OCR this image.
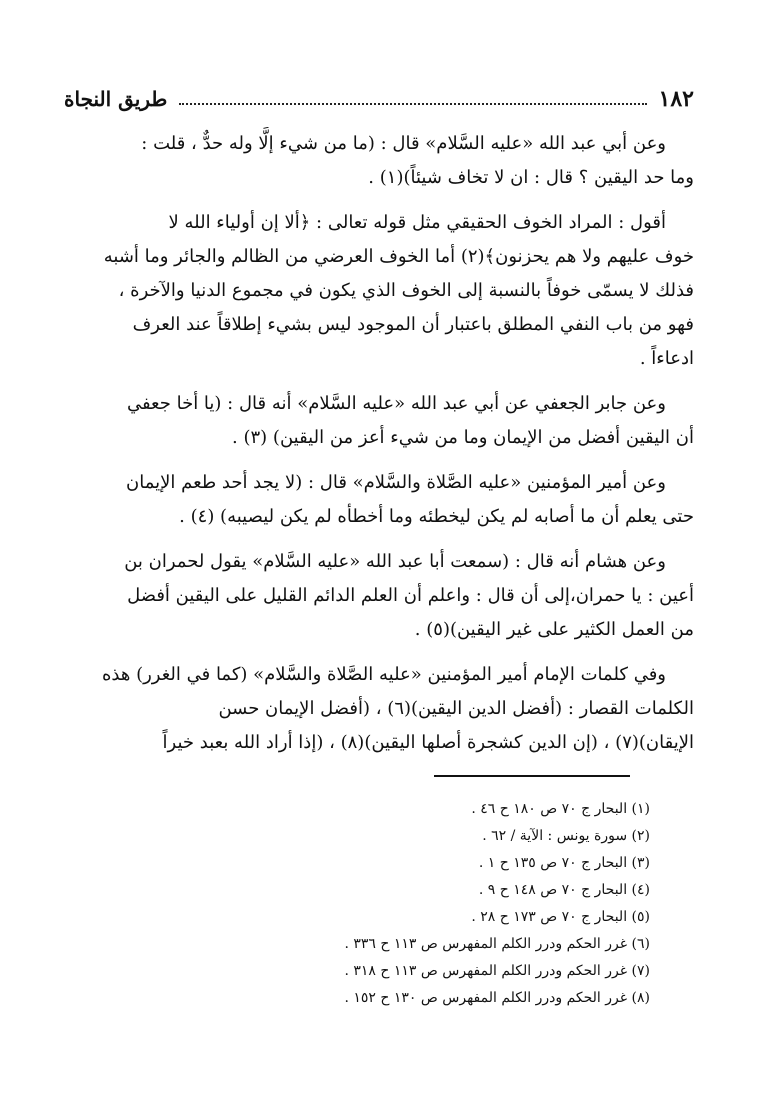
١٨٢
طريق النجاة

وعن أبي عبد الله «عليه السَّلام» قال : (ما من شيء إلَّا وله حدٌّ ، قلت :
وما حد اليقين ؟ قال : ان لا تخاف شيئاً)(١) .

أقول : المراد الخوف الحقيقي مثل قوله تعالى : ﴿ألا إن أولياء الله لا
خوف عليهم ولا هم يحزنون﴾(٢) أما الخوف العرضي من الظالم والجائر وما أشبه
فذلك لا يسمّى خوفاً بالنسبة إلى الخوف الذي يكون في مجموع الدنيا والآخرة ،
فهو من باب النفي المطلق باعتبار أن الموجود ليس بشيء إطلاقاً عند العرف
ادعاءاً .

وعن جابر الجعفي عن أبي عبد الله «عليه السَّلام» أنه قال : (يا أخا جعفي
أن اليقين أفضل من الإيمان وما من شيء أعز من اليقين) (٣) .

وعن أمير المؤمنين «عليه الصَّلاة والسَّلام» قال : (لا يجد أحد طعم الإيمان
حتى يعلم أن ما أصابه لم يكن ليخطئه وما أخطأه لم يكن ليصيبه) (٤) .

وعن هشام أنه قال : (سمعت أبا عبد الله «عليه السَّلام» يقول لحمران بن
أعين : يا حمران،إلى أن قال : واعلم أن العلم الدائم القليل على اليقين أفضل
من العمل الكثير على غير اليقين)(٥) .

وفي كلمات الإمام أمير المؤمنين «عليه الصَّلاة والسَّلام» (كما في الغرر) هذه
الكلمات القصار : (أفضل الدين اليقين)(٦) ، (أفضل الإيمان حسن
الإيقان)(٧) ، (إن الدين كشجرة أصلها اليقين)(٨) ، (إذا أراد الله بعبد خيراً

(١) البحار ج ٧٠ ص ١٨٠ ح ٤٦ .
(٢) سورة يونس : الآية / ٦٢ .
(٣) البحار ج ٧٠ ص ١٣٥ ح ١ .
(٤) البحار ج ٧٠ ص ١٤٨ ح ٩ .
(٥) البحار ج ٧٠ ص ١٧٣ ح ٢٨ .
(٦) غرر الحكم ودرر الكلم المفهرس ص ١١٣ ح ٣٣٦ .
(٧) غرر الحكم ودرر الكلم المفهرس ص ١١٣ ح ٣١٨ .
(٨) غرر الحكم ودرر الكلم المفهرس ص ١٣٠ ح ١٥٢ .
